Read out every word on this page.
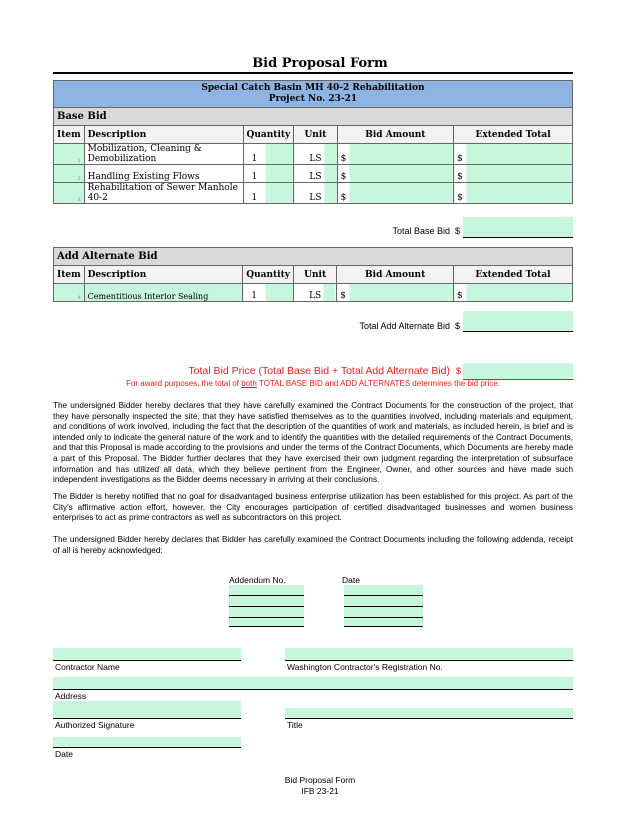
Bid Proposal Form
Special Catch Basin MH 40-2 Rehabilitation
Project No. 23-21					

Base Bid					
Item	Description	Quantity	Unit	Bid Amount	Extended Total
1	Mobilization, Cleaning & Demobilization	1	LS	$	$
2	Handling Existing Flows	1	LS	$	$
3	Rehabilitation of Sewer Manhole 40-2	1	LS	$	$
Total Base Bid $
Add Alternate Bid					
Item	Description	Quantity	Unit	Bid Amount	Extended Total
4	Cementitious Interior Sealing	1	LS	$	$
Total Add Alternate Bid $
Total Bid Price (Total Base Bid + Total Add Alternate Bid) $
For award purposes, the total of both TOTAL BASE BID and ADD ALTERNATES determines the bid price.
The undersigned Bidder hereby declares that they have carefully examined the Contract Documents for the construction of the project, that they have personally inspected the site, that they have satisfied themselves as to the quantities involved, including materials and equipment, and conditions of work involved, including the fact that the description of the quantities of work and materials, as included herein, is brief and is intended only to indicate the general nature of the work and to identify the quantities with the detailed requirements of the Contract Documents, and that this Proposal is made according to the provisions and under the terms of the Contract Documents, which Documents are hereby made a part of this Proposal. The Bidder further declares that they have exercised their own judgment regarding the interpretation of subsurface information and has utilized all data, which they believe pertinent from the Engineer, Owner, and other sources and have made such independent investigations as the Bidder deems necessary in arriving at their conclusions.
The Bidder is hereby notified that no goal for disadvantaged business enterprise utilization has been established for this project. As part of the City's affirmative action effort, however, the City encourages participation of certified disadvantaged businesses and women business enterprises to act as prime contractors as well as subcontractors on this project.
The undersigned Bidder hereby declares that Bidder has carefully examined the Contract Documents including the following addenda, receipt of all is hereby acknowledged:
Addendum No.	Date
Contractor Name	Washington Contractor's Registration No.
Address
Authorized Signature	Title
Date
Bid Proposal Form
IFB 23-21
